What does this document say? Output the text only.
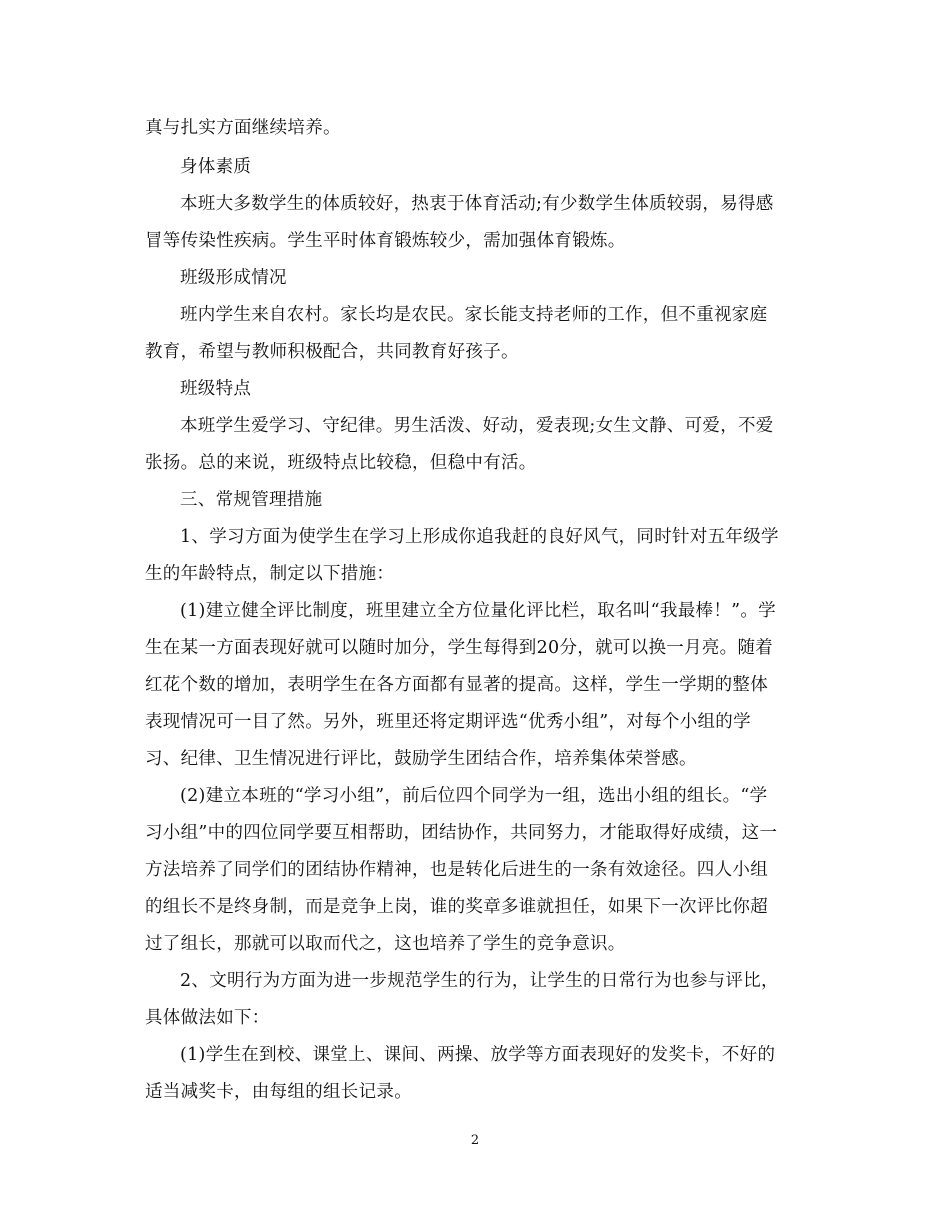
真与扎实方面继续培养。
身体素质
本班大多数学生的体质较好，热衷于体育活动;有少数学生体质较弱，易得感
冒等传染性疾病。学生平时体育锻炼较少，需加强体育锻炼。
班级形成情况
班内学生来自农村。家长均是农民。家长能支持老师的工作，但不重视家庭
教育，希望与教师积极配合，共同教育好孩子。
班级特点
本班学生爱学习、守纪律。男生活泼、好动，爱表现;女生文静、可爱，不爱
张扬。总的来说，班级特点比较稳，但稳中有活。
三、常规管理措施
1、学习方面为使学生在学习上形成你追我赶的良好风气，同时针对五年级学
生的年龄特点，制定以下措施：
(1)建立健全评比制度，班里建立全方位量化评比栏，取名叫“我最棒！”。学
生在某一方面表现好就可以随时加分，学生每得到20分，就可以换一月亮。随着
红花个数的增加，表明学生在各方面都有显著的提高。这样，学生一学期的整体
表现情况可一目了然。另外，班里还将定期评选“优秀小组”，对每个小组的学
习、纪律、卫生情况进行评比，鼓励学生团结合作，培养集体荣誉感。
(2)建立本班的“学习小组”，前后位四个同学为一组，选出小组的组长。“学
习小组”中的四位同学要互相帮助，团结协作，共同努力，才能取得好成绩，这一
方法培养了同学们的团结协作精神，也是转化后进生的一条有效途径。四人小组
的组长不是终身制，而是竞争上岗，谁的奖章多谁就担任，如果下一次评比你超
过了组长，那就可以取而代之，这也培养了学生的竞争意识。
2、文明行为方面为进一步规范学生的行为，让学生的日常行为也参与评比，
具体做法如下：
(1)学生在到校、课堂上、课间、两操、放学等方面表现好的发奖卡，不好的
适当减奖卡，由每组的组长记录。
2
